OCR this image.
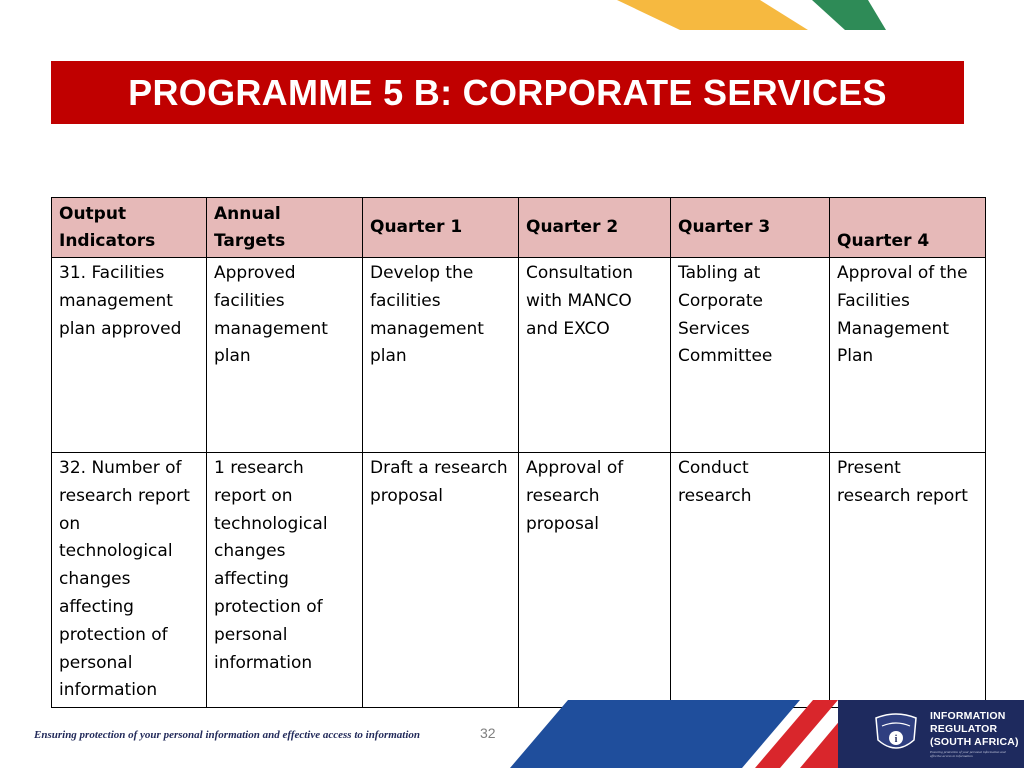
PROGRAMME 5 B: CORPORATE SERVICES
Output Indicators	Annual Targets	Quarter 1	Quarter 2	Quarter 3	Quarter 4
31. Facilities management plan approved	Approved facilities management plan	Develop the facilities management plan	Consultation with MANCO and EXCO	Tabling at Corporate Services Committee	Approval of the Facilities Management Plan
32. Number of research report on technological changes affecting protection of personal information	1 research report on technological changes affecting protection of personal information	Draft a research proposal	Approval of research proposal	Conduct research	Present research report
Ensuring protection of your personal information and effective access to information	32	i
INFORMATION
REGULATOR
(SOUTH AFRICA)
Ensuring protection of your personal information and effective access to information
